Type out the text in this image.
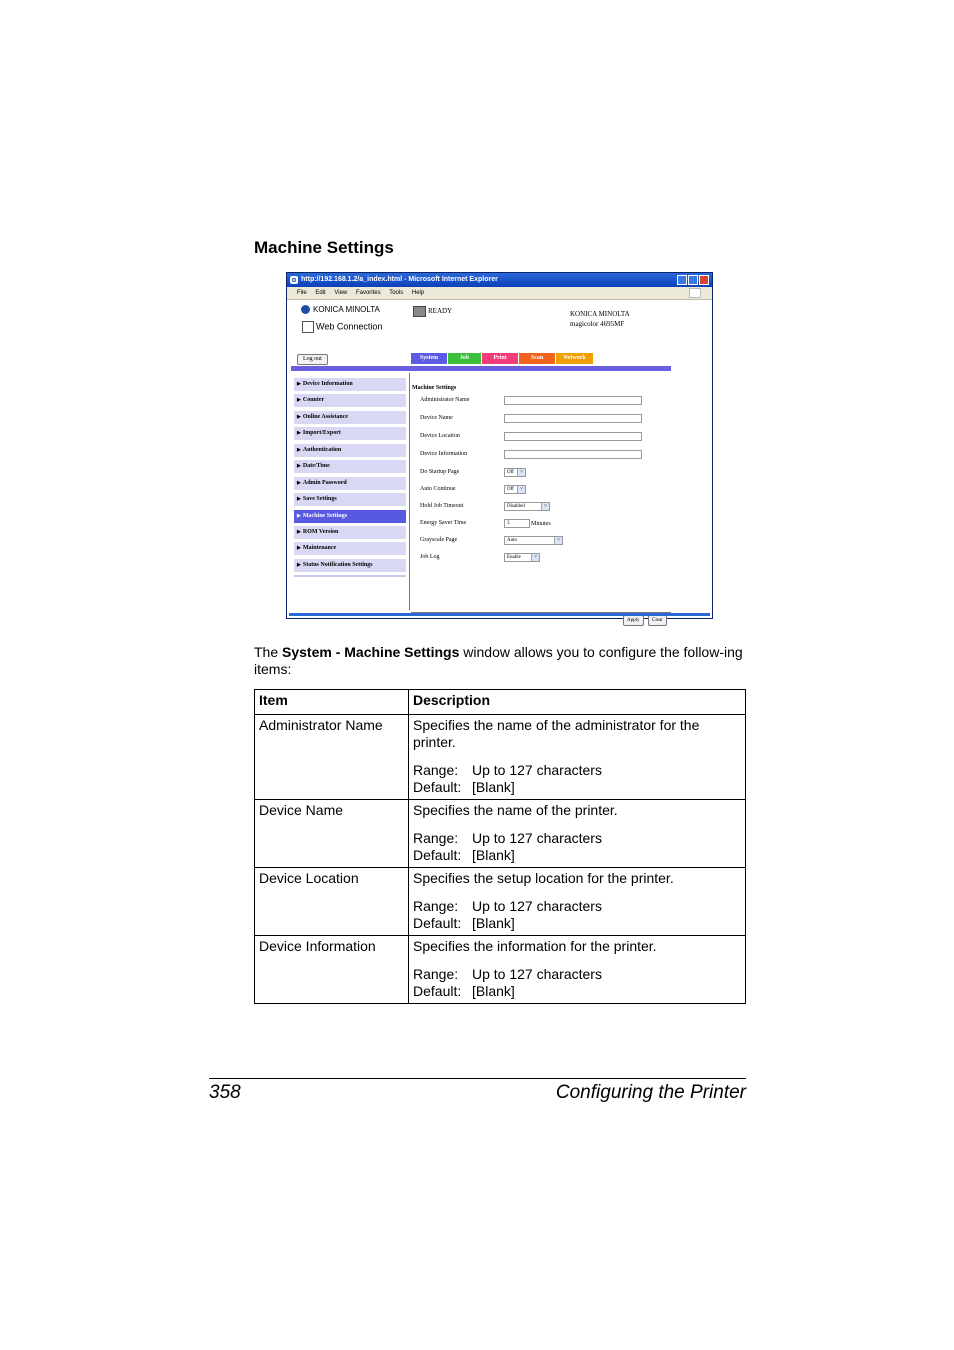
Machine Settings
http://192.168.1.2/a_index.html - Microsoft Internet Explorer
File Edit View Favorites Tools Help
KONICA MINOLTA
Web Connection
READY	KONICA MINOLTA
magicolor 4695MF
Log out	System	Job	Print	Scan	Network
▶ Device Information
▶ Counter
▶ Online Assistance
▶ Import/Export
▶ Authentication
▶ Date/Time
▶ Admin Password
▶ Save Settings
▶ Machine Settings
▶ ROM Version
▶ Maintenance
▶ Status Notification Settings
Machine Settings
Administrator Name
Device Name
Device Location
Device Information
Do Startup Page	Off	˅
Auto Continue	Off	˅
Hold Job Timeout	Disabled	˅
Energy Saver Time	3	Minutes
Grayscale Page	Auto	˅
Job Log	Enable	˅
Apply	Clear
The System - Machine Settings window allows you to configure the follow-ing items:
Item	Description
Administrator Name	Specifies the name of the administrator for the printer.

Range: Up to 127 characters
Default: [Blank]

Device Name	Specifies the name of the printer.

Range: Up to 127 characters
Default: [Blank]

Device Location	Specifies the setup location for the printer.

Range: Up to 127 characters
Default: [Blank]

Device Information	Specifies the information for the printer.

Range: Up to 127 characters
Default: [Blank]
358	Configuring the Printer
